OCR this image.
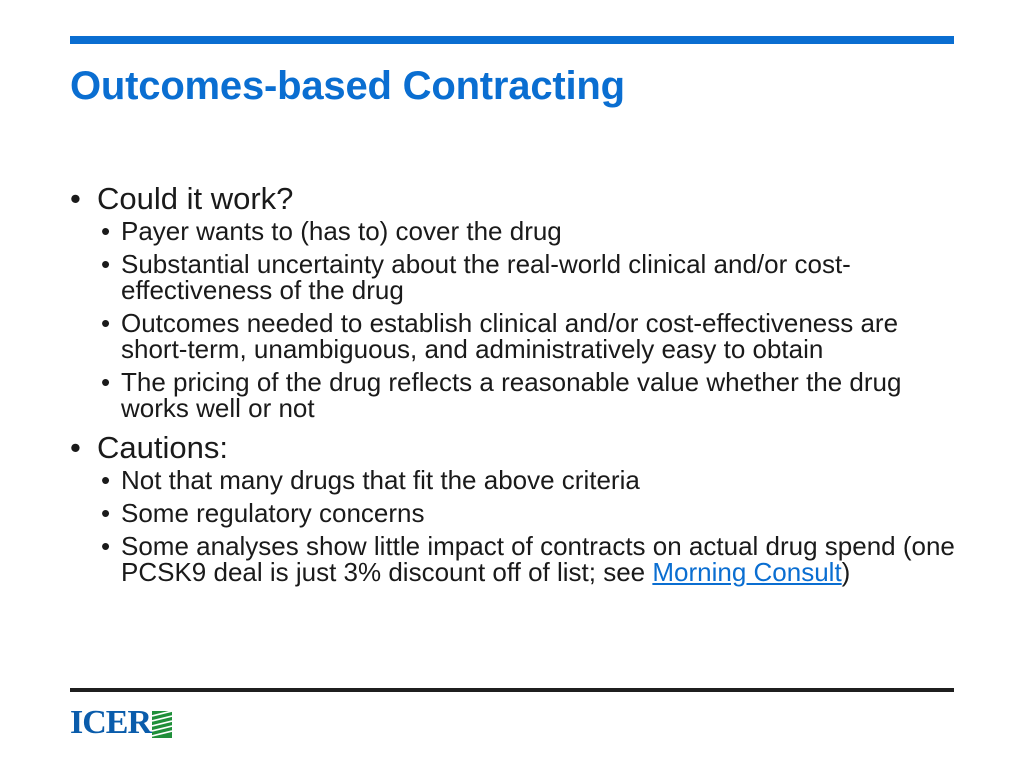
Outcomes-based Contracting
• Could it work?
• Payer wants to (has to) cover the drug
• Substantial uncertainty about the real-world clinical and/or cost-effectiveness of the drug
• Outcomes needed to establish clinical and/or cost-effectiveness are short-term, unambiguous, and administratively easy to obtain
• The pricing of the drug reflects a reasonable value whether the drug works well or not
• Cautions:
• Not that many drugs that fit the above criteria
• Some regulatory concerns
• Some analyses show little impact of contracts on actual drug spend (one PCSK9 deal is just 3% discount off of list; see Morning Consult)
ICER
